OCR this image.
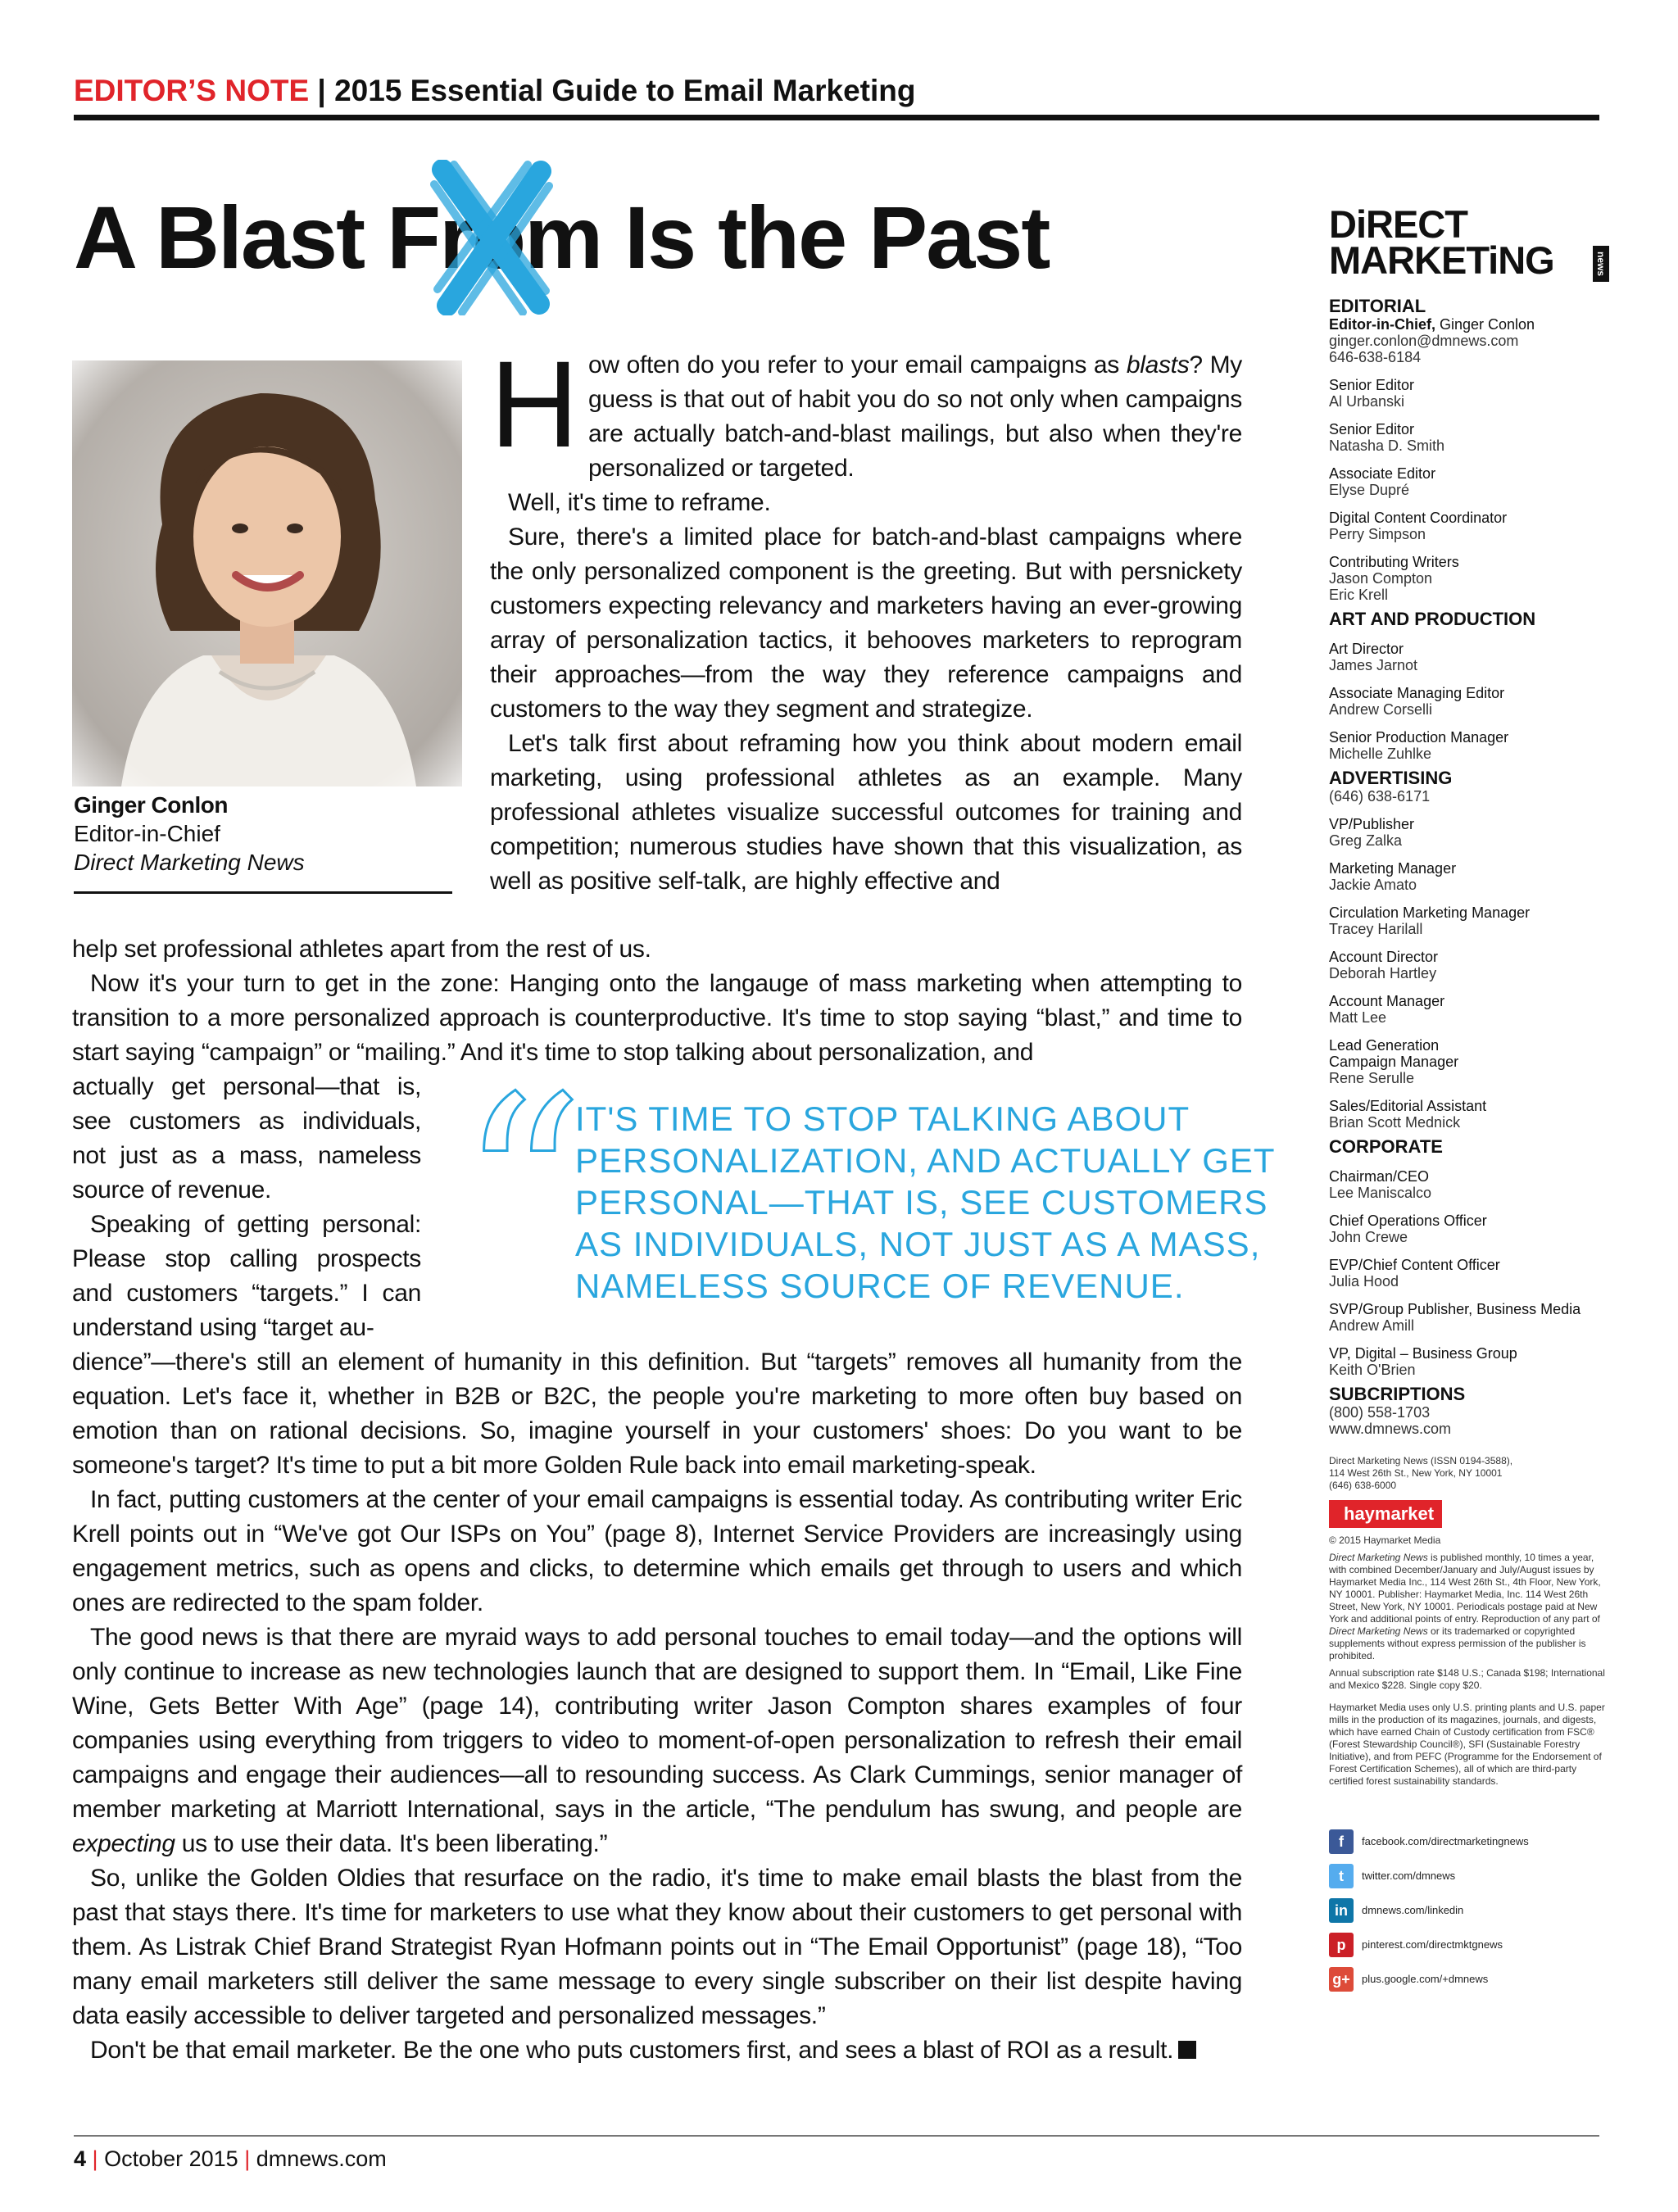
EDITOR’S NOTE | 2015 Essential Guide to Email Marketing
A Blast From
Is the Past
Ginger Conlon
Editor-in-Chief
Direct Marketing News

How often do you refer to your email campaigns as blasts? My guess is that out of habit you do so not only when campaigns are actually batch-and-blast mailings, but also when they're personalized or targeted.

Well, it's time to reframe.

Sure, there's a limited place for batch-and-blast campaigns where the only personalized component is the greeting. But with persnickety customers expecting relevancy and marketers having an ever-growing array of personalization tactics, it behooves marketers to reprogram their approaches—from the way they reference campaigns and customers to the way they segment and strategize.

Let's talk first about reframing how you think about modern email marketing, using professional athletes as an example. Many professional athletes visualize successful outcomes for training and competition; numerous studies have shown that this visualization, as well as positive self-talk, are highly effective and

help set professional athletes apart from the rest of us.

Now it's your turn to get in the zone: Hanging onto the langauge of mass marketing when attempting to transition to a more personalized approach is counterproductive. It's time to stop saying “blast,” and time to start saying “campaign” or “mailing.” And it's time to stop talking about personalization, and

actually get personal—that is, see customers as individuals, not just as a mass, nameless source of revenue.

Speaking of getting personal: Please stop calling prospects and customers “targets.” I can understand using “target au- “ IT'S TIME TO STOP TALKING ABOUT PERSONALIZATION, AND ACTUALLY GET PERSONAL—THAT IS, SEE CUSTOMERS AS INDIVIDUALS, NOT JUST AS A MASS, NAMELESS SOURCE OF REVENUE.

dience”—there's still an element of humanity in this definition. But “targets” removes all humanity from the equation. Let's face it, whether in B2B or B2C, the people you're marketing to more often buy based on emotion than on rational decisions. So, imagine yourself in your customers' shoes: Do you want to be someone's target? It's time to put a bit more Golden Rule back into email marketing-speak.

In fact, putting customers at the center of your email campaigns is essential today. As contributing writer Eric Krell points out in “We've got Our ISPs on You” (page 8), Internet Service Providers are increasingly using engagement metrics, such as opens and clicks, to determine which emails get through to users and which ones are redirected to the spam folder.

The good news is that there are myraid ways to add personal touches to email today—and the options will only continue to increase as new technologies launch that are designed to support them. In “Email, Like Fine Wine, Gets Better With Age” (page 14), contributing writer Jason Compton shares examples of four companies using everything from triggers to video to moment-of-open personalization to refresh their email campaigns and engage their audiences—all to resounding success. As Clark Cummings, senior manager of member marketing at Marriott International, says in the article, “The pendulum has swung, and people are expecting us to use their data. It's been liberating.”

So, unlike the Golden Oldies that resurface on the radio, it's time to make email blasts the blast from the past that stays there. It's time for marketers to use what they know about their customers to get personal with them. As Listrak Chief Brand Strategist Ryan Hofmann points out in “The Email Opportunist” (page 18), “Too many email marketers still deliver the same message to every single subscriber on their list despite having data easily accessible to deliver targeted and personalized messages.”

Don't be that email marketer. Be the one who puts customers first, and sees a blast of ROI as a result.

DiRECT
MARKETiNG	news
EDITORIAL
Editor-in-Chief, Ginger Conlon
ginger.conlon@dmnews.com
646-638-6184
Senior Editor
Al Urbanski
Senior Editor
Natasha D. Smith
Associate Editor
Elyse Dupré
Digital Content Coordinator
Perry Simpson
Contributing Writers
Jason Compton
Eric Krell
ART AND PRODUCTION
Art Director
James Jarnot
Associate Managing Editor
Andrew Corselli
Senior Production Manager
Michelle Zuhlke
ADVERTISING
(646) 638-6171
VP/Publisher
Greg Zalka
Marketing Manager
Jackie Amato
Circulation Marketing Manager
Tracey Harilall
Account Director
Deborah Hartley
Account Manager
Matt Lee
Lead Generation
Campaign Manager
Rene Serulle
Sales/Editorial Assistant
Brian Scott Mednick
CORPORATE
Chairman/CEO
Lee Maniscalco
Chief Operations Officer
John Crewe
EVP/Chief Content Officer
Julia Hood
SVP/Group Publisher, Business Media
Andrew Amill
VP, Digital – Business Group
Keith O'Brien
SUBCRIPTIONS
(800) 558-1703
www.dmnews.com
Direct Marketing News (ISSN 0194-3588),
114 West 26th St., New York, NY 10001
(646) 638-6000
haymarket
© 2015 Haymarket Media
Direct Marketing News is published monthly, 10 times a year, with combined December/January and July/August issues by Haymarket Media Inc., 114 West 26th St., 4th Floor, New York, NY 10001. Publisher: Haymarket Media, Inc. 114 West 26th Street, New York, NY 10001. Periodicals postage paid at New York and additional points of entry. Reproduction of any part of Direct Marketing News or its trademarked or copyrighted supplements without express permission of the publisher is prohibited.
Annual subscription rate $148 U.S.; Canada $198; International and Mexico $228. Single copy $20.
Haymarket Media uses only U.S. printing plants and U.S. paper mills in the production of its magazines, journals, and digests, which have earned Chain of Custody certification from FSC® (Forest Stewardship Council®), SFI (Sustainable Forestry Initiative), and from PEFC (Programme for the Endorsement of Forest Certification Schemes), all of which are third-party certified forest sustainability standards.
f	facebook.com/directmarketingnews
t	twitter.com/dmnews
in	dmnews.com/linkedin
p	pinterest.com/directmktgnews
g+	plus.google.com/+dmnews
4 | October 2015 | dmnews.com
